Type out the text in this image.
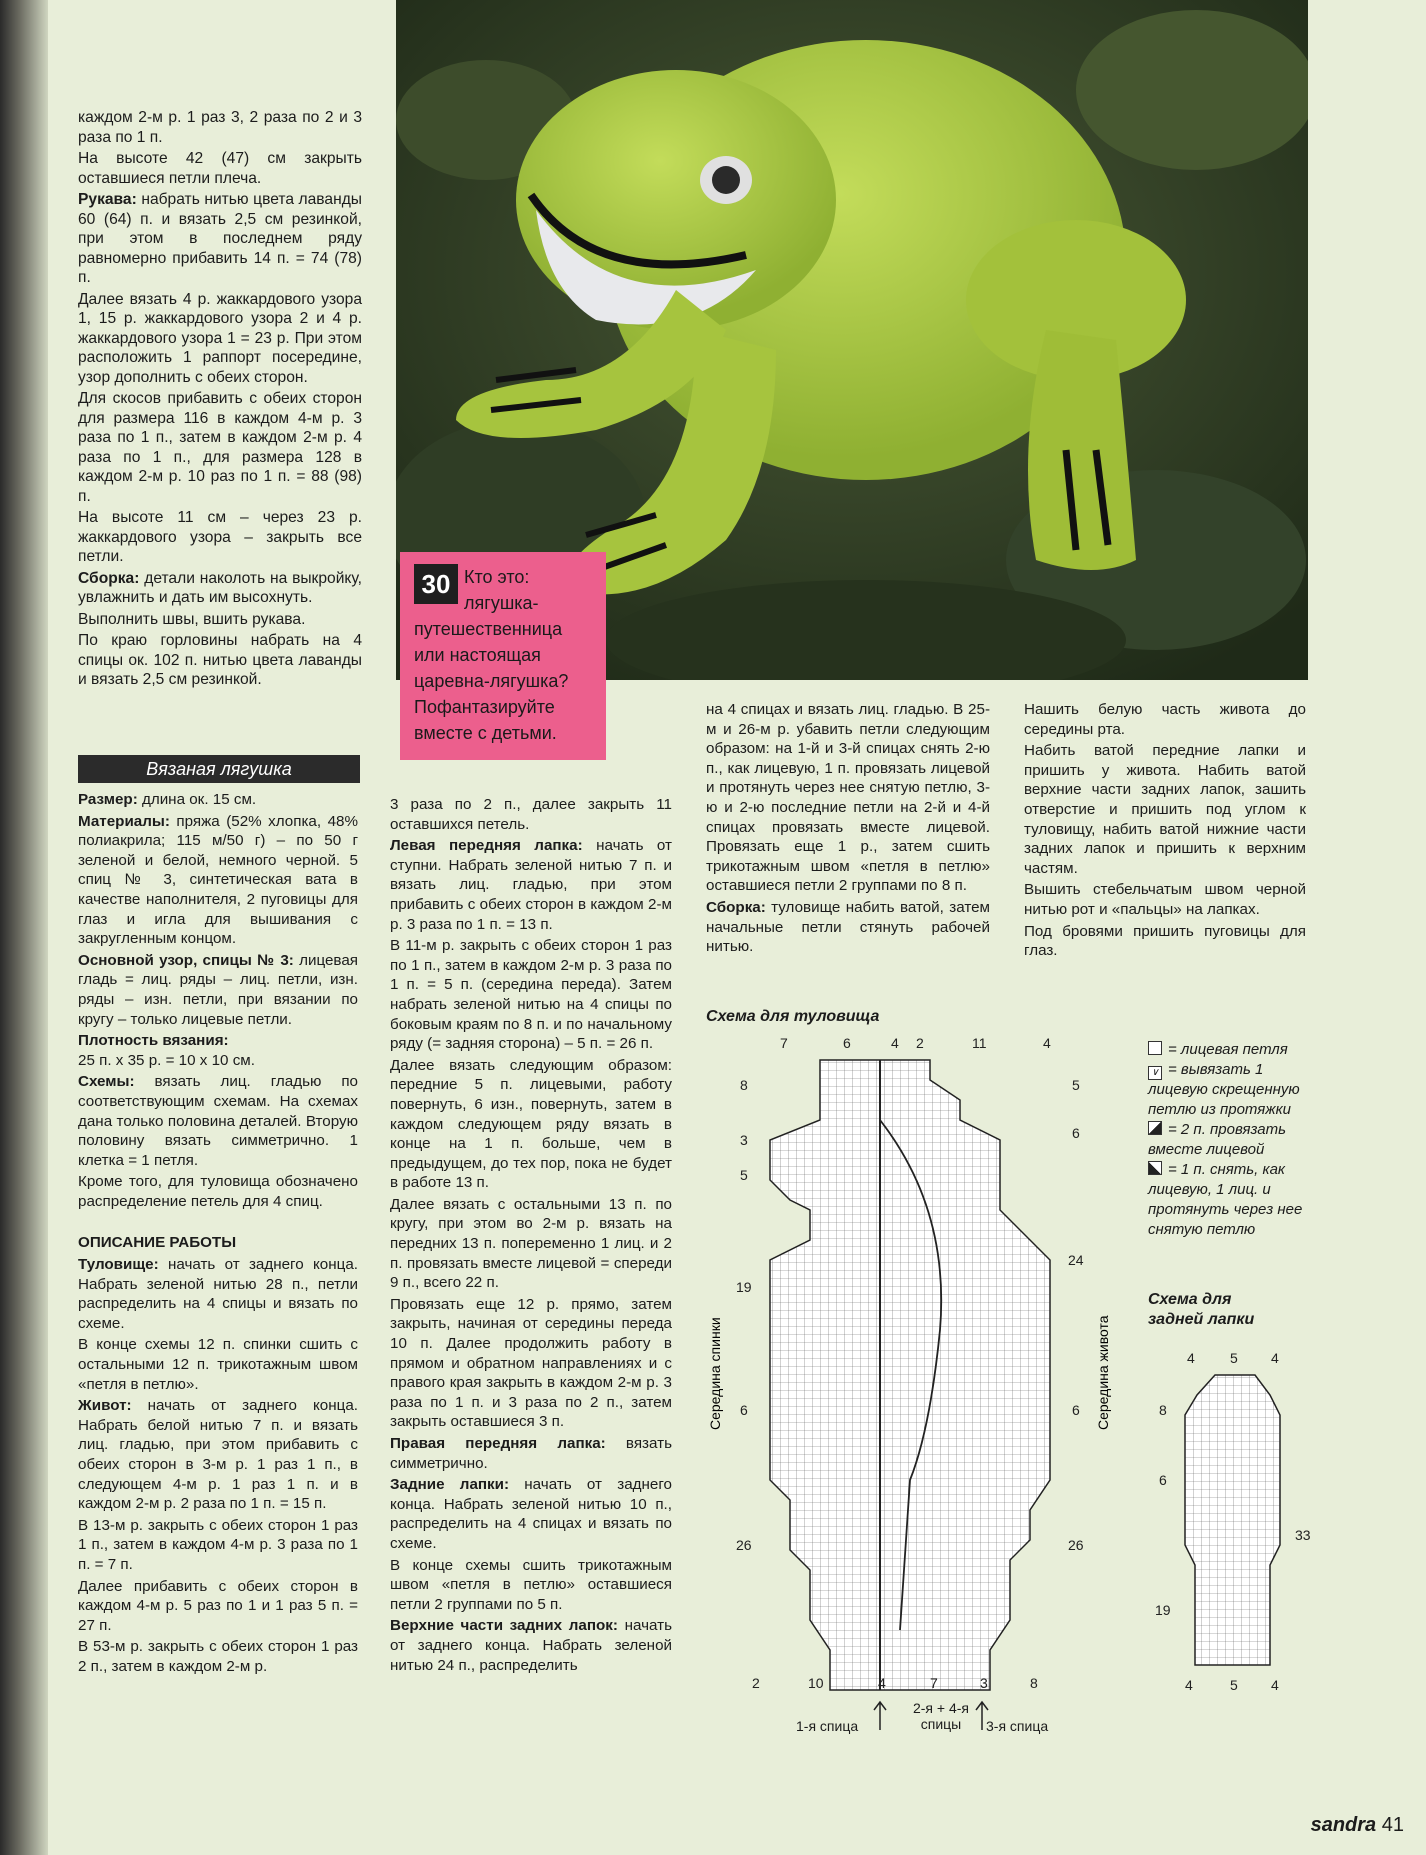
каждом 2-м р. 1 раз 3, 2 раза по 2 и 3 раза по 1 п.

На высоте 42 (47) см закрыть оставшиеся петли плеча.

Рукава: набрать нитью цвета лаванды 60 (64) п. и вязать 2,5 см резинкой, при этом в последнем ряду равномерно прибавить 14 п. = 74 (78) п.

Далее вязать 4 р. жаккардового узора 1, 15 р. жаккардового узора 2 и 4 р. жаккардового узора 1 = 23 р. При этом расположить 1 раппорт посередине, узор дополнить с обеих сторон.

Для скосов прибавить с обеих сторон для размера 116 в каждом 4-м р. 3 раза по 1 п., затем в каждом 2-м р. 4 раза по 1 п., для размера 128 в каждом 2-м р. 10 раз по 1 п. = 88 (98) п.

На высоте 11 см – через 23 р. жаккардового узора – закрыть все петли.

Сборка: детали наколоть на выкройку, увлажнить и дать им высохнуть.

Выполнить швы, вшить рукава.

По краю горловины набрать на 4 спицы ок. 102 п. нитью цвета лаванды и вязать 2,5 см резинкой.

Вязаная лягушка

Размер: длина ок. 15 см.

Материалы: пряжа (52% хлопка, 48% полиакрила; 115 м/50 г) – по 50 г зеленой и белой, немного черной. 5 спиц № 3, синтетическая вата в качестве наполнителя, 2 пуговицы для глаз и игла для вышивания с закругленным концом.

Основной узор, спицы № 3: лицевая гладь = лиц. ряды – лиц. петли, изн. ряды – изн. петли, при вязании по кругу – только лицевые петли.

Плотность вязания:

25 п. x 35 р. = 10 x 10 см.

Схемы: вязать лиц. гладью по соответствующим схемам. На схемах дана только половина деталей. Вторую половину вязать симметрично. 1 клетка = 1 петля.

Кроме того, для туловища обозначено распределение петель для 4 спиц.

ОПИСАНИЕ РАБОТЫ

Туловище: начать от заднего конца. Набрать зеленой нитью 28 п., петли распределить на 4 спицы и вязать по схеме.

В конце схемы 12 п. спинки сшить с остальными 12 п. трикотажным швом «петля в петлю».

Живот: начать от заднего конца. Набрать белой нитью 7 п. и вязать лиц. гладью, при этом прибавить с обеих сторон в 3-м р. 1 раз 1 п., в следующем 4-м р. 1 раз 1 п. и в каждом 2-м р. 2 раза по 1 п. = 15 п.

В 13-м р. закрыть с обеих сторон 1 раз 1 п., затем в каждом 4-м р. 3 раза по 1 п. = 7 п.

Далее прибавить с обеих сторон в каждом 4-м р. 5 раз по 1 и 1 раз 5 п. = 27 п.

В 53-м р. закрыть с обеих сторон 1 раз 2 п., затем в каждом 2-м р.

30 Кто это: лягушка-путешественница или настоящая царевна-лягушка? Пофантазируйте вместе с детьми.

3 раза по 2 п., далее закрыть 11 оставшихся петель.

Левая передняя лапка: начать от ступни. Набрать зеленой нитью 7 п. и вязать лиц. гладью, при этом прибавить с обеих сторон в каждом 2-м р. 3 раза по 1 п. = 13 п.

В 11-м р. закрыть с обеих сторон 1 раз по 1 п., затем в каждом 2-м р. 3 раза по 1 п. = 5 п. (середина переда). Затем набрать зеленой нитью на 4 спицы по боковым краям по 8 п. и по начальному ряду (= задняя сторона) – 5 п. = 26 п.

Далее вязать следующим образом: передние 5 п. лицевыми, работу повернуть, 6 изн., повернуть, затем в каждом следующем ряду вязать в конце на 1 п. больше, чем в предыдущем, до тех пор, пока не будет в работе 13 п.

Далее вязать с остальными 13 п. по кругу, при этом во 2-м р. вязать на передних 13 п. попеременно 1 лиц. и 2 п. провязать вместе лицевой = спереди 9 п., всего 22 п.

Провязать еще 12 р. прямо, затем закрыть, начиная от середины переда 10 п. Далее продолжить работу в прямом и обратном направлениях и с правого края закрыть в каждом 2-м р. 3 раза по 1 п. и 3 раза по 2 п., затем закрыть оставшиеся 3 п.

Правая передняя лапка: вязать симметрично.

Задние лапки: начать от заднего конца. Набрать зеленой нитью 10 п., распределить на 4 спицах и вязать по схеме.

В конце схемы сшить трикотажным швом «петля в петлю» оставшиеся петли 2 группами по 5 п.

Верхние части задних лапок: начать от заднего конца. Набрать зеленой нитью 24 п., распределить

на 4 спицах и вязать лиц. гладью. В 25-м и 26-м р. убавить петли следующим образом: на 1-й и 3-й спицах снять 2-ю п., как лицевую, 1 п. провязать лицевой и протянуть через нее снятую петлю, 3-ю и 2-ю последние петли на 2-й и 4-й спицах провязать вместе лицевой. Провязать еще 1 р., затем сшить трикотажным швом «петля в петлю» оставшиеся петли 2 группами по 8 п.

Сборка: туловище набить ватой, затем начальные петли стянуть рабочей нитью.

Нашить белую часть живота до середины рта.

Набить ватой передние лапки и пришить у живота. Набить ватой верхние части задних лапок, зашить отверстие и пришить под углом к туловищу, набить ватой нижние части задних лапок и пришить к верхним частям.

Вышить стебельчатым швом черной нитью рот и «пальцы» на лапках.

Под бровями пришить пуговицы для глаз.

Схема для туловища
7	6	4 2	11	4
2	10	4	7	3	8
8
3
5
19
6
26
5
6
24
6
26
Середина спинки	Середина живота
1-я спица
2-я + 4-я спицы	3-я спица
= лицевая петля
∨ = вывязать 1 лицевую скрещенную петлю из протяжки
= 2 п. провязать вместе лицевой
= 1 п. снять, как лицевую, 1 лиц. и протянуть через нее снятую петлю
Схема для задней лапки
4	5 4
4	5 4
8
6
19
33
sandra 41
